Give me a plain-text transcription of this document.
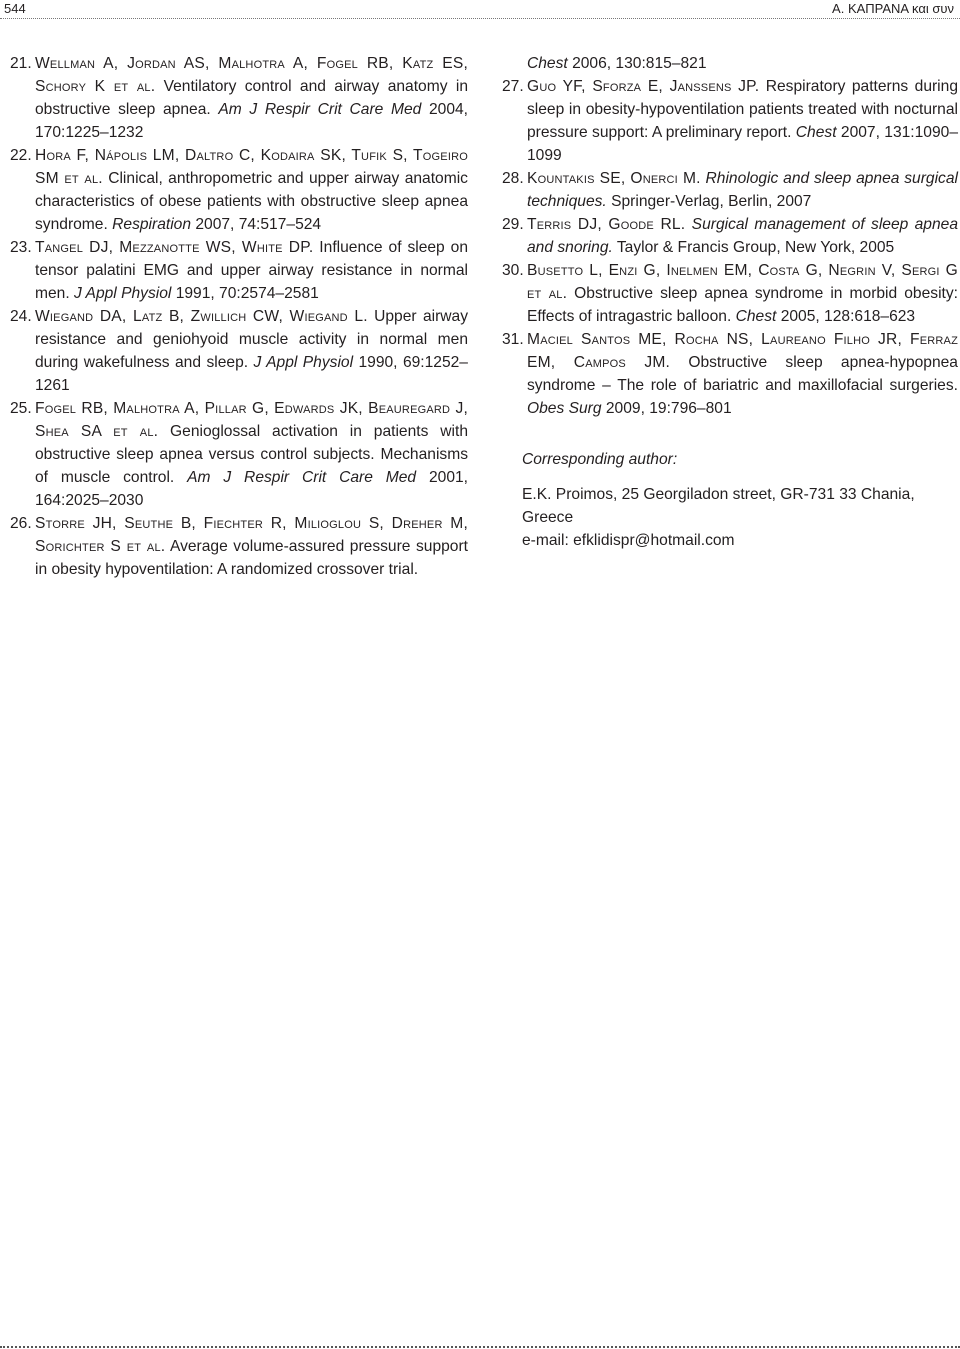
544	Α. ΚΑΠΡΑΝΑ και συν

21. Wellman A, Jordan AS, Malhotra A, Fogel RB, Katz ES, Schory K et al. Ventilatory control and airway anatomy in obstructive sleep apnea. Am J Respir Crit Care Med 2004, 170:1225–1232

22. Hora F, Nápolis LM, Daltro C, Kodaira SK, Tufik S, Togeiro SM et al. Clinical, anthropometric and upper airway anatomic characteristics of obese patients with obstructive sleep apnea syndrome. Respiration 2007, 74:517–524

23. Tangel DJ, Mezzanotte WS, White DP. Influence of sleep on tensor palatini EMG and upper airway resistance in normal men. J Appl Physiol 1991, 70:2574–2581

24. Wiegand DA, Latz B, Zwillich CW, Wiegand L. Upper airway resistance and geniohyoid muscle activity in normal men during wakefulness and sleep. J Appl Physiol 1990, 69:1252–1261

25. Fogel RB, Malhotra A, Pillar G, Edwards JK, Beauregard J, Shea SA et al. Genioglossal activation in patients with obstructive sleep apnea versus control subjects. Mechanisms of muscle control. Am J Respir Crit Care Med 2001, 164:2025–2030

26. Storre JH, Seuthe B, Fiechter R, Milioglou S, Dreher M, Sorichter S et al. Average volume-assured pressure support in obesity hypoventilation: A randomized crossover trial.

Chest 2006, 130:815–821

27. Guo YF, Sforza E, Janssens JP. Respiratory patterns during sleep in obesity-hypoventilation patients treated with nocturnal pressure support: A preliminary report. Chest 2007, 131:1090–1099

28. Kountakis SE, Onerci M. Rhinologic and sleep apnea surgical techniques. Springer-Verlag, Berlin, 2007

29. Terris DJ, Goode RL. Surgical management of sleep apnea and snoring. Taylor & Francis Group, New York, 2005

30. Busetto L, Enzi G, Inelmen EM, Costa G, Negrin V, Sergi G et al. Obstructive sleep apnea syndrome in morbid obesity: Effects of intragastric balloon. Chest 2005, 128:618–623

31. Maciel Santos ME, Rocha NS, Laureano Filho JR, Ferraz EM, Campos JM. Obstructive sleep apnea-hypopnea syndrome – The role of bariatric and maxillofacial surgeries. Obes Surg 2009, 19:796–801

Corresponding author:
E.K. Proimos, 25 Georgiladon street, GR-731 33 Chania, Greece
e-mail: efklidispr@hotmail.com
